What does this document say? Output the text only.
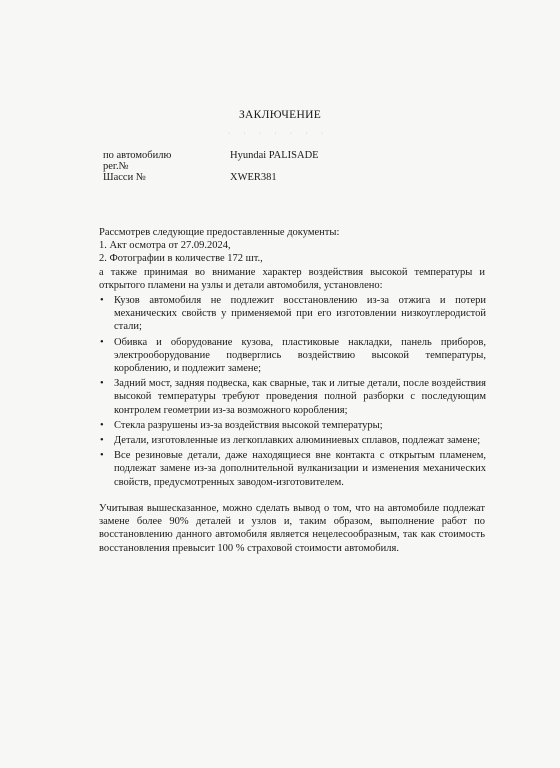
ЗАКЛЮЧЕНИЕ
· · · · · · ·
по автомобилю	Hyundai PALISADE
рег.№
Шасси №	XWER381
Рассмотрев следующие предоставленные документы:
1. Акт осмотра от 27.09.2024,
2. Фотографии в количестве 172 шт.,
а также принимая во внимание характер воздействия высокой температуры и открытого пламени на узлы и детали автомобиля, установлено:
• Кузов автомобиля не подлежит восстановлению из-за отжига и потери механических свойств у применяемой при его изготовлении низкоуглеродистой стали;
• Обивка и оборудование кузова, пластиковые накладки, панель приборов, электрооборудование подверглись воздействию высокой температуры, короблению, и подлежит замене;
• Задний мост, задняя подвеска, как сварные, так и литые детали, после воздействия высокой температуры требуют проведения полной разборки с последующим контролем геометрии из-за возможного коробления;
• Стекла разрушены из-за воздействия высокой температуры;
• Детали, изготовленные из легкоплавких алюминиевых сплавов, подлежат замене;
• Все резиновые детали, даже находящиеся вне контакта с открытым пламенем, подлежат замене из-за дополнительной вулканизации и изменения механических свойств, предусмотренных заводом-изготовителем.
Учитывая вышесказанное, можно сделать вывод о том, что на автомобиле подлежат замене более 90% деталей и узлов и, таким образом, выполнение работ по восстановлению данного автомобиля является нецелесообразным, так как стоимость восстановления превысит 100 % страховой стоимости автомобиля.
